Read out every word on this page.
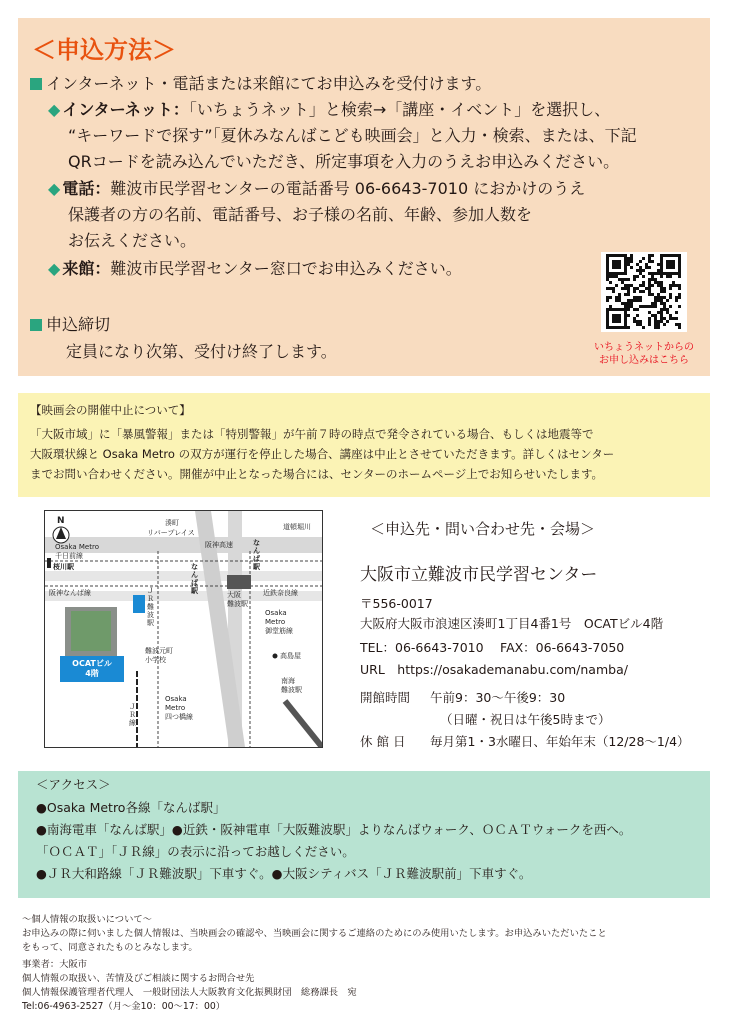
＜申込方法＞
インターネット・電話または来館にてお申込みを受付けます。
◆ インターネット：「いちょうネット」と検索→「講座・イベント」を選択し、
“キーワードで探す”「夏休みなんばこども映画会」と入力・検索、または、下記
QRコードを読み込んでいただき、所定事項を入力のうえお申込みください。
◆ 電話：難波市民学習センターの電話番号 06-6643-7010 におかけのうえ
保護者の方の名前、電話番号、お子様の名前、年齢、参加人数を
お伝えください。
◆ 来館：難波市民学習センター窓口でお申込みください。
申込締切
定員になり次第、受付け終了します。	いちょうネットからの
お申し込みはこちら
【映画会の開催中止について】
「大阪市域」に「暴風警報」または「特別警報」が午前７時の時点で発令されている場合、もしくは地震等で
大阪環状線と Osaka Metro の双方が運行を停止した場合、講座は中止とさせていただきます。詳しくはセンター
までお問い合わせください。開催が中止となった場合には、センターのホームページ上でお知らせいたします。
N	湊町
リバープレイス
阪神高速
道頓堀川
Osaka Metro
千日前線
桜川駅
なんば駅
阪神なんば線	近鉄奈良線
大阪
難波駅
Osaka
Metro
御堂筋線
高島屋
ＪＲ難波駅
難波元町
小学校
OCATビル
4階
Osaka
Metro
四つ橋線
ＪＲ線
南海
難波駅
なんば駅
＜申込先・問い合わせ先・会場＞
大阪市立難波市民学習センター
〒556-0017
大阪府大阪市浪速区湊町1丁目4番1号　OCATビル4階
TEL：06-6643-7010　 FAX：06-6643-7050
URL　https://osakademanabu.com/namba/
開館時間 午前9：30～午後9：30
（日曜・祝日は午後5時まで）
休 館 日 毎月第1・3水曜日、年始年末（12/28～1/4）
＜アクセス＞
●Osaka Metro各線「なんば駅」
●南海電車「なんば駅」●近鉄・阪神電車「大阪難波駅」よりなんばウォーク、ＯＣＡＴウォークを西へ。
「ＯＣＡＴ」「ＪＲ線」の表示に沿ってお越しください。
●ＪＲ大和路線「ＪＲ難波駅」下車すぐ。●大阪シティバス「ＪＲ難波駅前」下車すぐ。
～個人情報の取扱いについて～
お申込みの際に伺いました個人情報は、当映画会の確認や、当映画会に関するご連絡のためにのみ使用いたします。お申込みいただいたこと
をもって、同意されたものとみなします。
事業者：大阪市
個人情報の取扱い、苦情及びご相談に関するお問合せ先
個人情報保護管理者代理人　一般財団法人大阪教育文化振興財団　総務課長　宛
Tel:06-4963-2527（月～金10：00～17：00）
